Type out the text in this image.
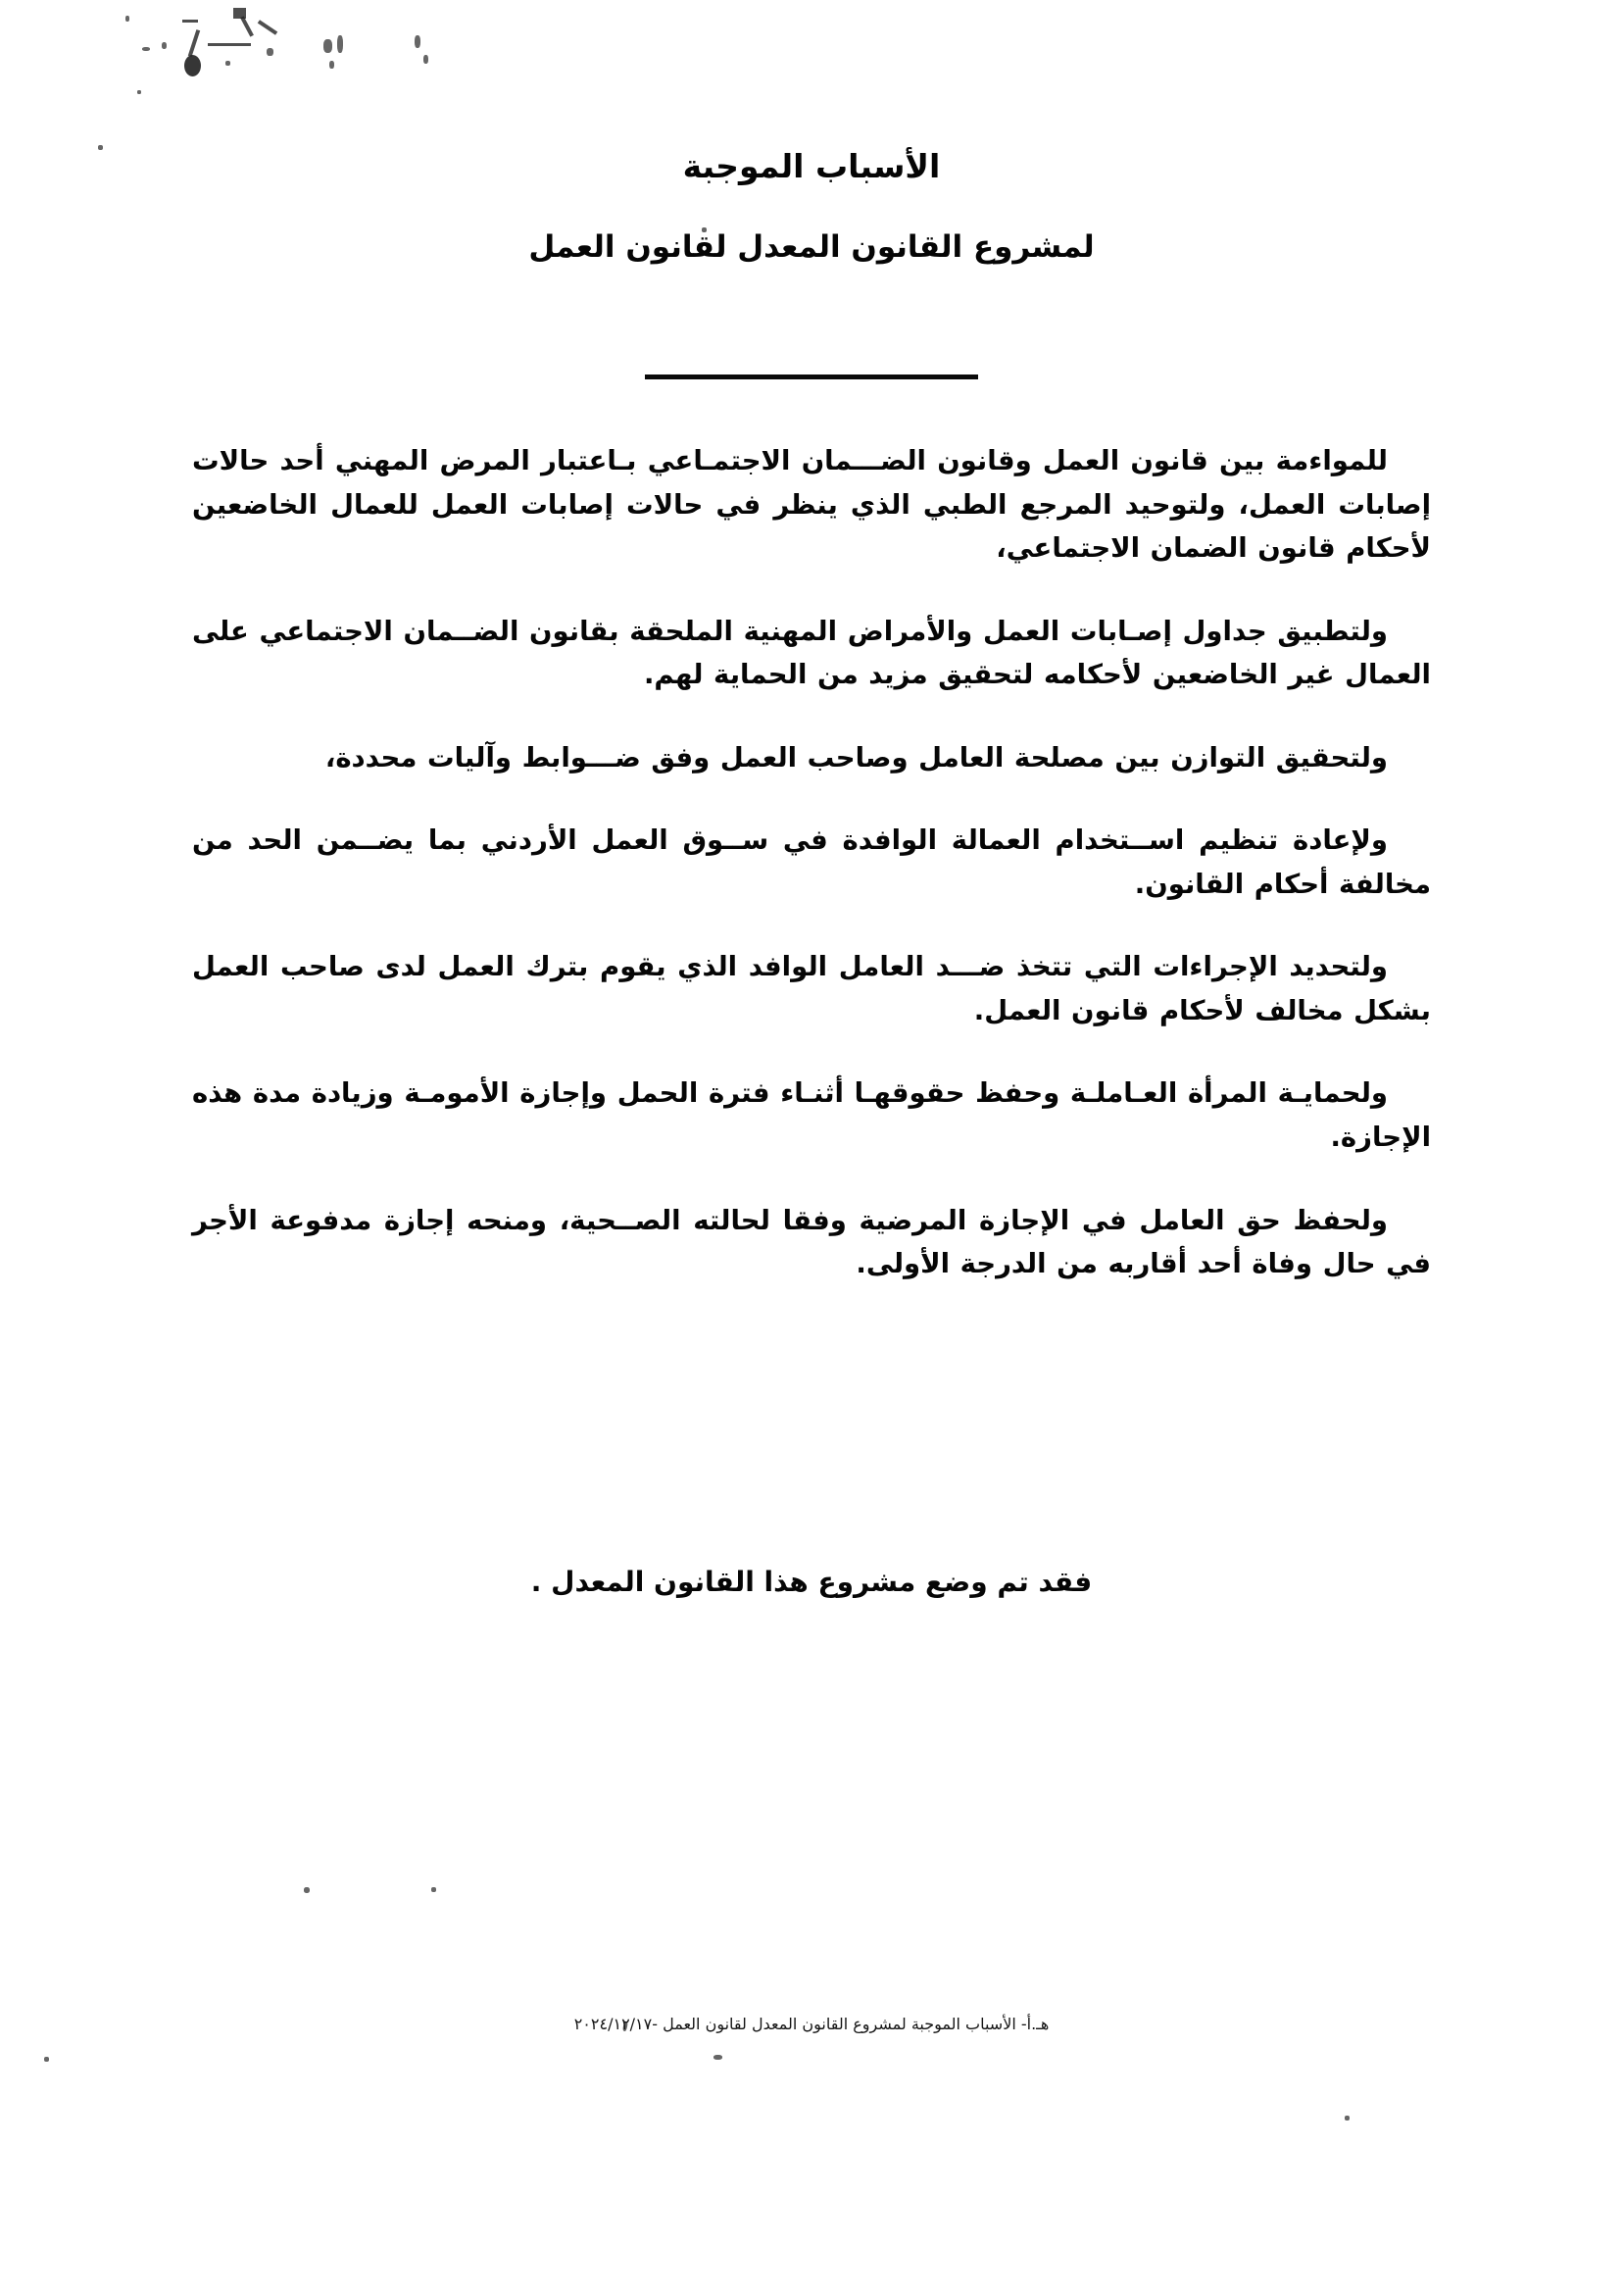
الأسباب الموجبة
لمشروع القانون المعدل لقانون العمل

للمواءمة بين قانون العمل وقانون الضـــمان الاجتمـاعي بـاعتبار المرض المهني أحد حالات إصابات العمل، ولتوحيد المرجع الطبي الذي ينظر في حالات إصابات العمل للعمال الخاضعين لأحكام قانون الضمان الاجتماعي،

ولتطبيق جداول إصـابات العمل والأمراض المهنية الملحقة بقانون الضــمان الاجتماعي على العمال غير الخاضعين لأحكامه لتحقيق مزيد من الحماية لهم.

ولتحقيق التوازن بين مصلحة العامل وصاحب العمل وفق ضـــوابط وآليات محددة،

ولإعادة تنظيم اســتخدام العمالة الوافدة في ســوق العمل الأردني بما يضــمن الحد من مخالفة أحكام القانون.

ولتحديد الإجراءات التي تتخذ ضـــد العامل الوافد الذي يقوم بترك العمل لدى صاحب العمل بشكل مخالف لأحكام قانون العمل.

ولحمايـة المرأة العـاملـة وحفظ حقوقهـا أثنـاء فترة الحمل وإجازة الأمومـة وزيادة مدة هذه الإجازة.

ولحفظ حق العامل في الإجازة المرضية وفقا لحالته الصــحية، ومنحه إجازة مدفوعة الأجر في حال وفاة أحد أقاربه من الدرجة الأولى.

فقد تم وضع مشروع هذا القانون المعدل .
هـ.أ- الأسباب الموجبة لمشروع القانون المعدل لقانون العمل -٢٠٢٤/١٢/١٧
